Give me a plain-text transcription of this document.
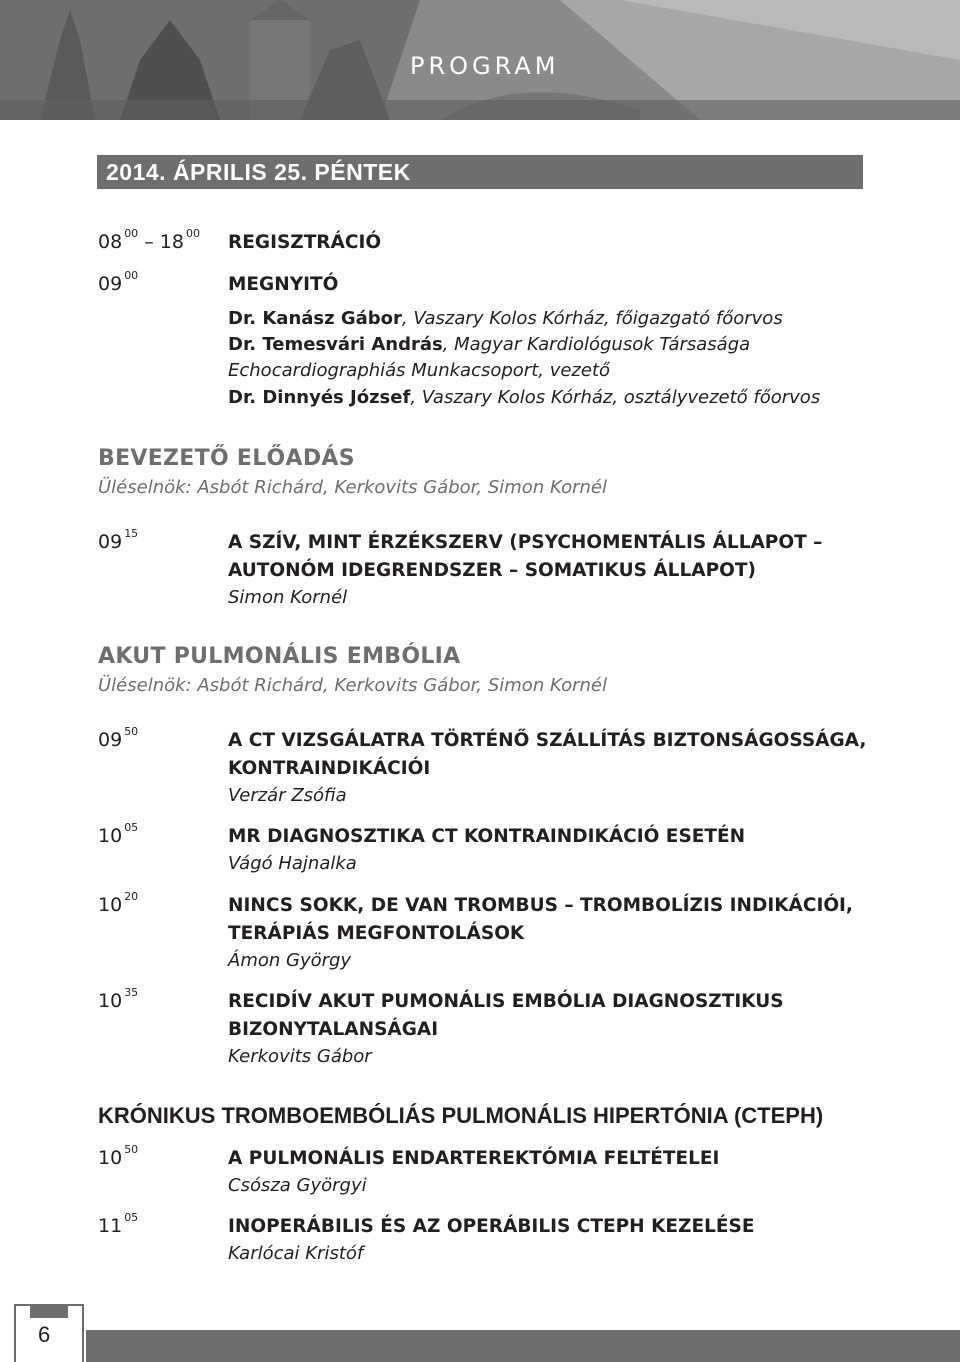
PROGRAM
2014. ÁPRILIS 25. PÉNTEK
08 $^{00}$ – 18 $^{00}$ REGISZTRÁCIÓ
09 $^{00}$	MEGNYITÓ
Dr. Kanász Gábor, Vaszary Kolos Kórház, főigazgató főorvos
Dr. Temesvári András, Magyar Kardiológusok Társasága
Echocardiographiás Munkacsoport, vezető
Dr. Dinnyés József, Vaszary Kolos Kórház, osztályvezető főorvos
BEVEZETŐ ELŐADÁS
Üléselnök: Asbót Richárd, Kerkovits Gábor, Simon Kornél
09 $^{15}$	A SZÍV, MINT ÉRZÉKSZERV (PSYCHOMENTÁLIS ÁLLAPOT –
AUTONÓM IDEGRENDSZER – SOMATIKUS ÁLLAPOT)
Simon Kornél
AKUT PULMONÁLIS EMBÓLIA
Üléselnök: Asbót Richárd, Kerkovits Gábor, Simon Kornél
09 $^{50}$	A CT VIZSGÁLATRA TÖRTÉNŐ SZÁLLÍTÁS BIZTONSÁGOSSÁGA,
KONTRAINDIKÁCIÓI
Verzár Zsófia
10 $^{05}$	MR DIAGNOSZTIKA CT KONTRAINDIKÁCIÓ ESETÉN
Vágó Hajnalka
10 $^{20}$	NINCS SOKK, DE VAN TROMBUS – TROMBOLÍZIS INDIKÁCIÓI,
TERÁPIÁS MEGFONTOLÁSOK
Ámon György
10 $^{35}$	RECIDÍV AKUT PUMONÁLIS EMBÓLIA DIAGNOSZTIKUS
BIZONYTALANSÁGAI
Kerkovits Gábor
KRÓNIKUS TROMBOEMBÓLIÁS PULMONÁLIS HIPERTÓNIA (CTEPH)
10 $^{50}$	A PULMONÁLIS ENDARTEREKTÓMIA FELTÉTELEI
Csósza Györgyi
11 $^{05}$	INOPERÁBILIS ÉS AZ OPERÁBILIS CTEPH KEZELÉSE
Karlócai Kristóf
6
